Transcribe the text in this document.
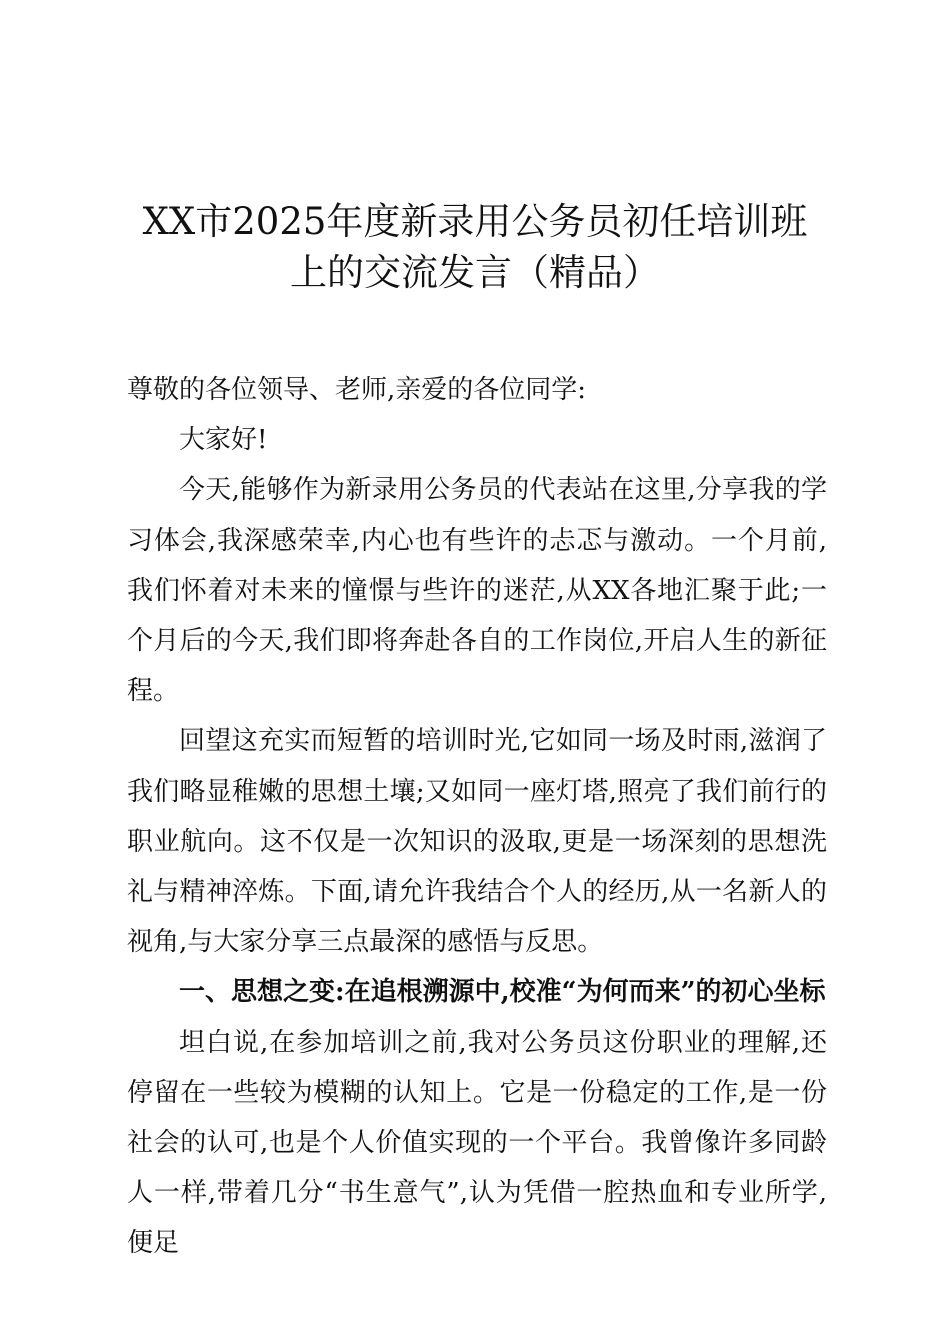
XX市2025年度新录用公务员初任培训班
上的交流发言（精品）

尊敬的各位领导、老师,亲爱的各位同学:

大家好!

今天,能够作为新录用公务员的代表站在这里,分享我的学习体会,我深感荣幸,内心也有些许的忐忑与激动。一个月前,我们怀着对未来的憧憬与些许的迷茫,从XX各地汇聚于此;一个月后的今天,我们即将奔赴各自的工作岗位,开启人生的新征程。

回望这充实而短暂的培训时光,它如同一场及时雨,滋润了我们略显稚嫩的思想土壤;又如同一座灯塔,照亮了我们前行的职业航向。这不仅是一次知识的汲取,更是一场深刻的思想洗礼与精神淬炼。下面,请允许我结合个人的经历,从一名新人的视角,与大家分享三点最深的感悟与反思。

一、思想之变:在追根溯源中,校准“为何而来”的初心坐标

坦白说,在参加培训之前,我对公务员这份职业的理解,还停留在一些较为模糊的认知上。它是一份稳定的工作,是一份社会的认可,也是个人价值实现的一个平台。我曾像许多同龄人一样,带着几分“书生意气”,认为凭借一腔热血和专业所学,便足
